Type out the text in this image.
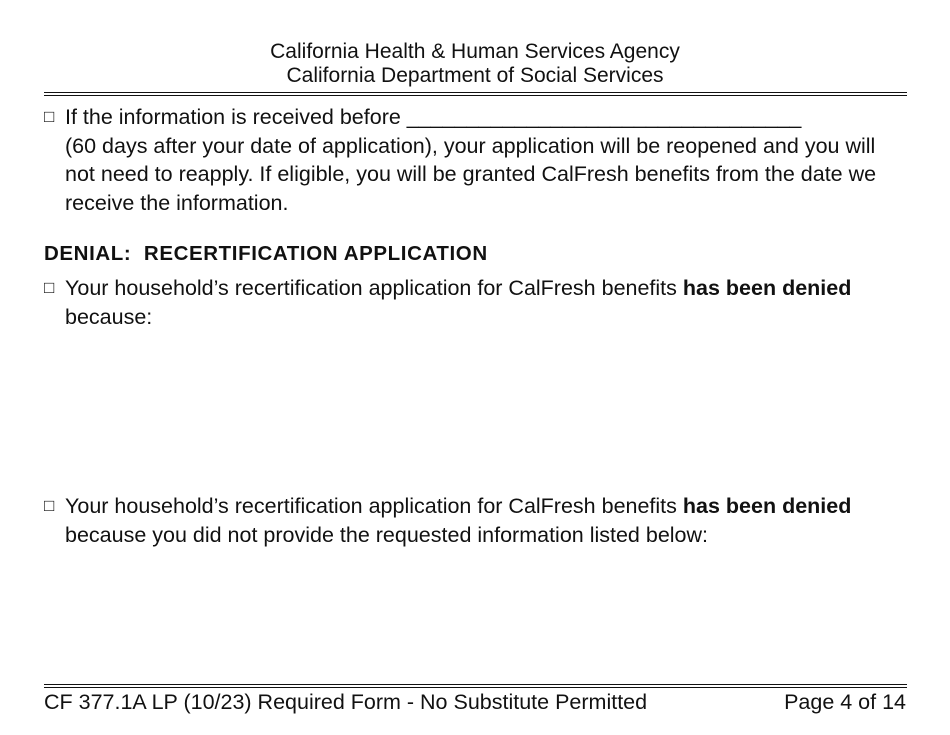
California Health & Human Services Agency
California Department of Social Services
□ If the information is received before _________________________________
(60 days after your date of application), your application will be reopened and you will not need to reapply. If eligible, you will be granted CalFresh benefits from the date we receive the information.
DENIAL:  RECERTIFICATION APPLICATION
□ Your household’s recertification application for CalFresh benefits has been denied because:
□ Your household’s recertification application for CalFresh benefits has been denied because you did not provide the requested information listed below:
CF 377.1A LP (10/23) Required Form - No Substitute Permitted	Page 4 of 14
